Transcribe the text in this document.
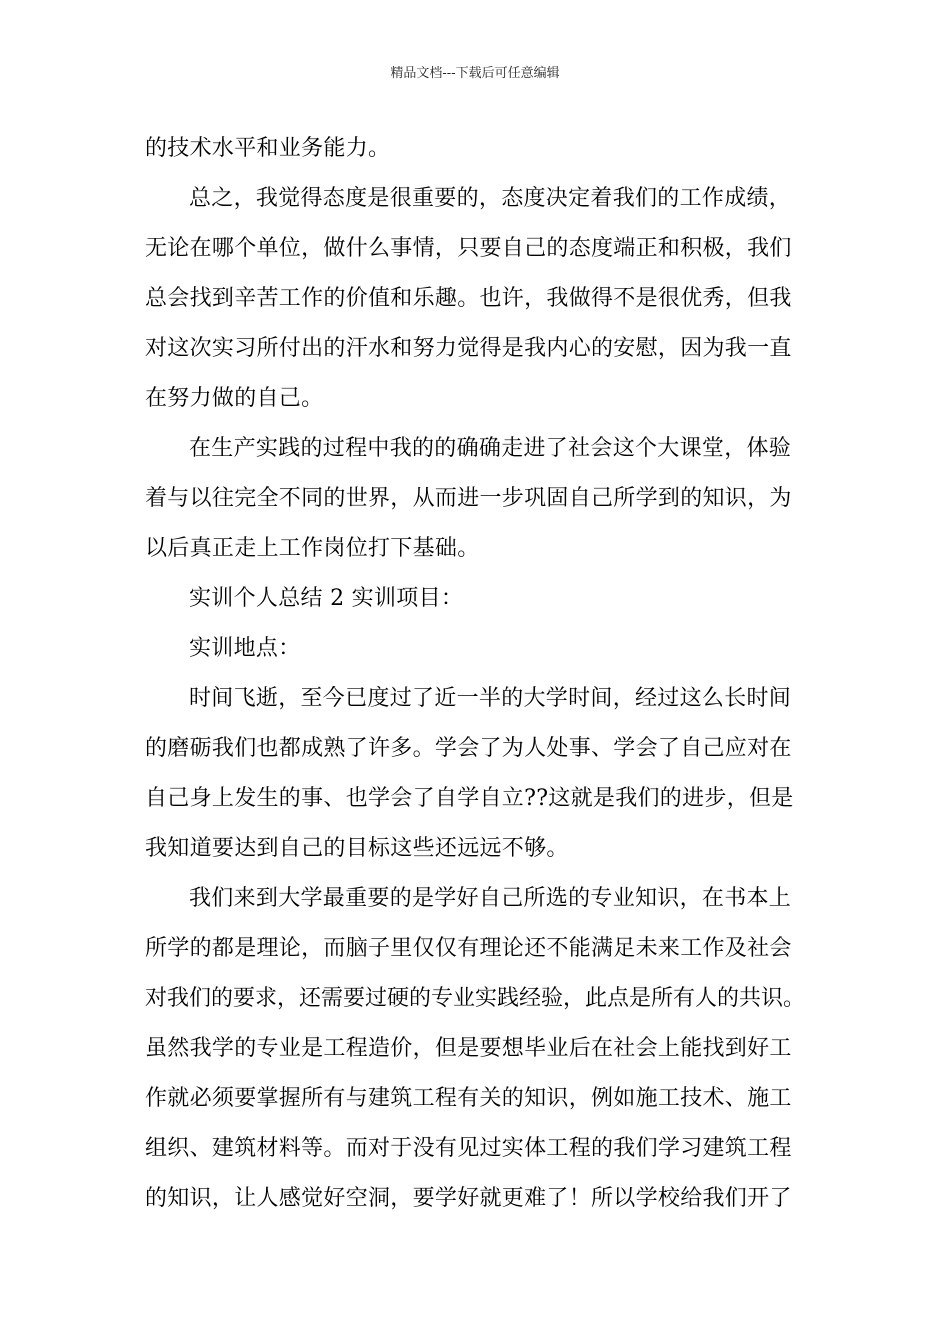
精品文档---下载后可任意编辑
的技术水平和业务能力。
总之，我觉得态度是很重要的，态度决定着我们的工作成绩，
无论在哪个单位，做什么事情，只要自己的态度端正和积极，我们
总会找到辛苦工作的价值和乐趣。也许，我做得不是很优秀，但我
对这次实习所付出的汗水和努力觉得是我内心的安慰，因为我一直
在努力做的自己。
在生产实践的过程中我的的确确走进了社会这个大课堂，体验
着与以往完全不同的世界，从而进一步巩固自己所学到的知识，为
以后真正走上工作岗位打下基础。
实训个人总结 2 实训项目：
实训地点：
时间飞逝，至今已度过了近一半的大学时间，经过这么长时间
的磨砺我们也都成熟了许多。学会了为人处事、学会了自己应对在
自己身上发生的事、也学会了自学自立??这就是我们的进步，但是
我知道要达到自己的目标这些还远远不够。
我们来到大学最重要的是学好自己所选的专业知识，在书本上
所学的都是理论，而脑子里仅仅有理论还不能满足未来工作及社会
对我们的要求，还需要过硬的专业实践经验，此点是所有人的共识。
虽然我学的专业是工程造价，但是要想毕业后在社会上能找到好工
作就必须要掌握所有与建筑工程有关的知识，例如施工技术、施工
组织、建筑材料等。而对于没有见过实体工程的我们学习建筑工程
的知识，让人感觉好空洞，要学好就更难了！所以学校给我们开了
